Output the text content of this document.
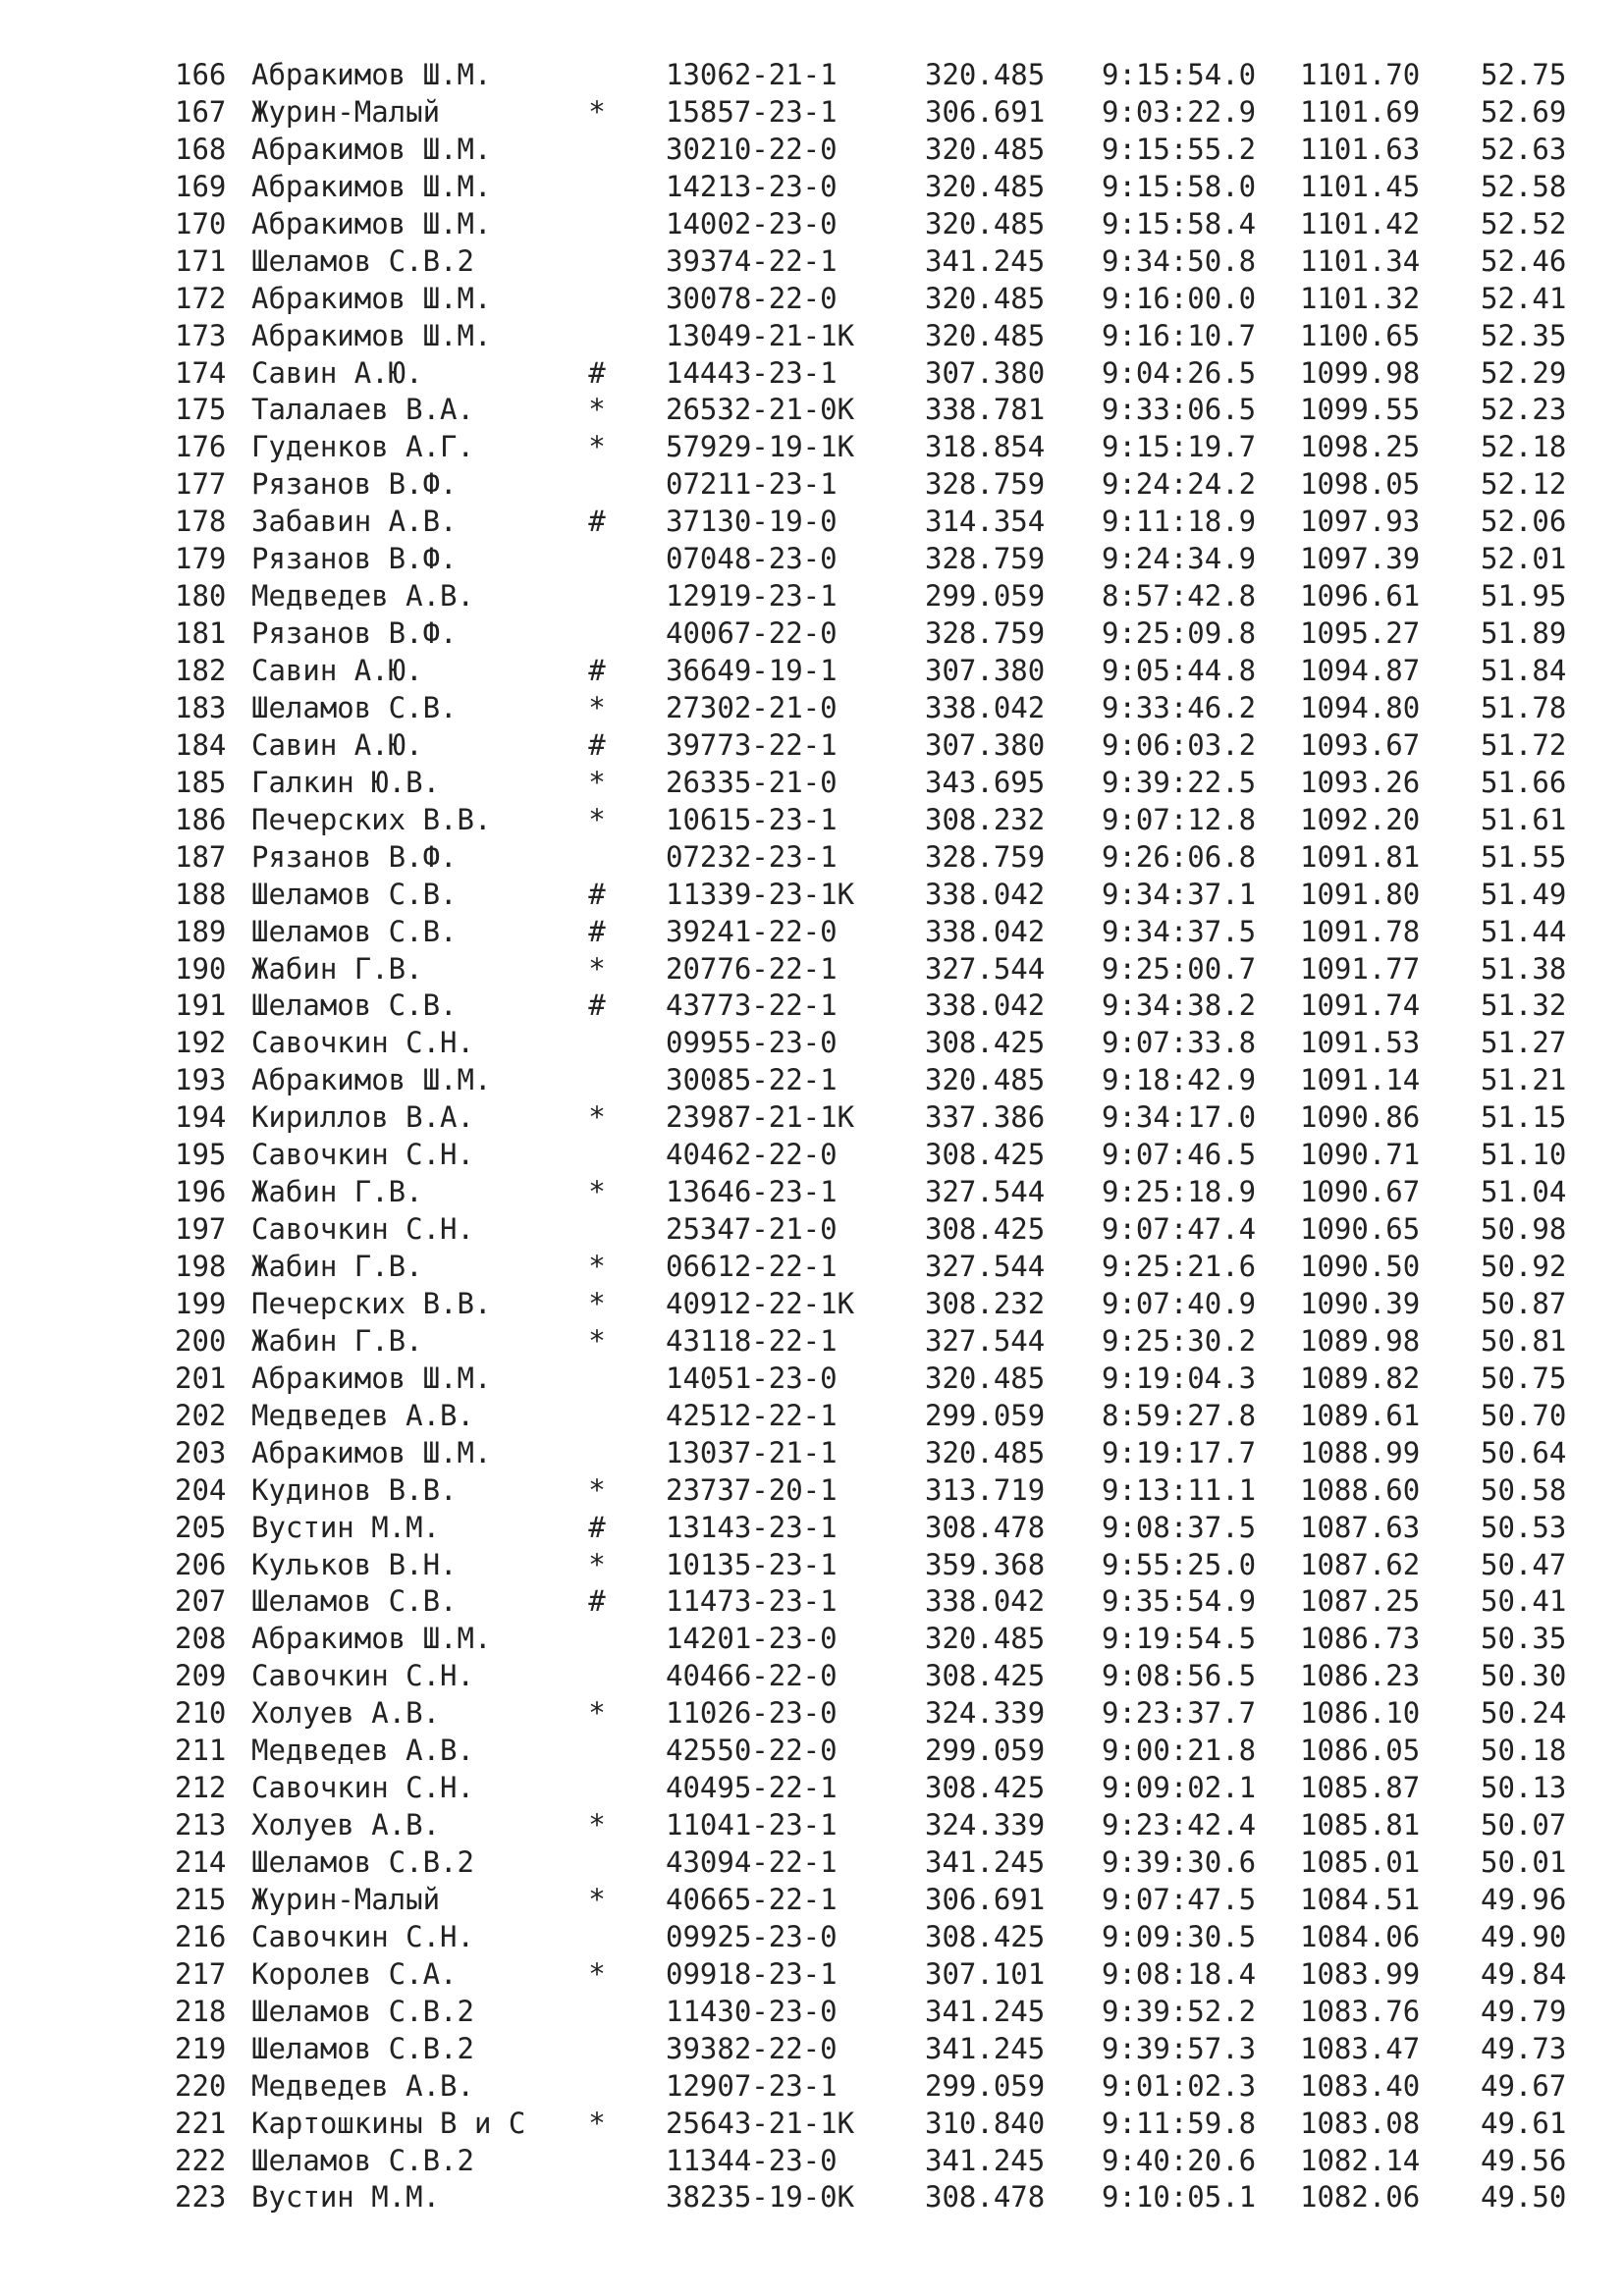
166 Абракимов Ш.М.	13062-21-1	320.485 9:15:54.0 1101.70 52.75
167 Журин-Малый	* 15857-23-1	306.691 9:03:22.9 1101.69 52.69
168 Абракимов Ш.М.	30210-22-0	320.485 9:15:55.2 1101.63 52.63
169 Абракимов Ш.М.	14213-23-0	320.485 9:15:58.0 1101.45 52.58
170 Абракимов Ш.М.	14002-23-0	320.485 9:15:58.4 1101.42 52.52
171 Шеламов С.В.2	39374-22-1	341.245 9:34:50.8 1101.34 52.46
172 Абракимов Ш.М.	30078-22-0	320.485 9:16:00.0 1101.32 52.41
173 Абракимов Ш.М.	13049-21-1K 320.485 9:16:10.7 1100.65 52.35
174 Савин А.Ю.	# 14443-23-1	307.380 9:04:26.5 1099.98 52.29
175 Талалаев В.А.	* 26532-21-0K 338.781 9:33:06.5 1099.55 52.23
176 Гуденков А.Г.	* 57929-19-1K 318.854 9:15:19.7 1098.25 52.18
177 Рязанов В.Ф.	07211-23-1	328.759 9:24:24.2 1098.05 52.12
178 Забавин А.В.	# 37130-19-0	314.354 9:11:18.9 1097.93 52.06
179 Рязанов В.Ф.	07048-23-0	328.759 9:24:34.9 1097.39 52.01
180 Медведев А.В.	12919-23-1	299.059 8:57:42.8 1096.61 51.95
181 Рязанов В.Ф.	40067-22-0	328.759 9:25:09.8 1095.27 51.89
182 Савин А.Ю.	# 36649-19-1	307.380 9:05:44.8 1094.87 51.84
183 Шеламов С.В.	* 27302-21-0	338.042 9:33:46.2 1094.80 51.78
184 Савин А.Ю.	# 39773-22-1	307.380 9:06:03.2 1093.67 51.72
185 Галкин Ю.В.	* 26335-21-0	343.695 9:39:22.5 1093.26 51.66
186 Печерских В.В.	* 10615-23-1	308.232 9:07:12.8 1092.20 51.61
187 Рязанов В.Ф.	07232-23-1	328.759 9:26:06.8 1091.81 51.55
188 Шеламов С.В.	# 11339-23-1K 338.042 9:34:37.1 1091.80 51.49
189 Шеламов С.В.	# 39241-22-0	338.042 9:34:37.5 1091.78 51.44
190 Жабин Г.В.	* 20776-22-1	327.544 9:25:00.7 1091.77 51.38
191 Шеламов С.В.	# 43773-22-1	338.042 9:34:38.2 1091.74 51.32
192 Савочкин С.Н.	09955-23-0	308.425 9:07:33.8 1091.53 51.27
193 Абракимов Ш.М.	30085-22-1	320.485 9:18:42.9 1091.14 51.21
194 Кириллов В.А.	* 23987-21-1K 337.386 9:34:17.0 1090.86 51.15
195 Савочкин С.Н.	40462-22-0	308.425 9:07:46.5 1090.71 51.10
196 Жабин Г.В.	* 13646-23-1	327.544 9:25:18.9 1090.67 51.04
197 Савочкин С.Н.	25347-21-0	308.425 9:07:47.4 1090.65 50.98
198 Жабин Г.В.	* 06612-22-1	327.544 9:25:21.6 1090.50 50.92
199 Печерских В.В.	* 40912-22-1K 308.232 9:07:40.9 1090.39 50.87
200 Жабин Г.В.	* 43118-22-1	327.544 9:25:30.2 1089.98 50.81
201 Абракимов Ш.М.	14051-23-0	320.485 9:19:04.3 1089.82 50.75
202 Медведев А.В.	42512-22-1	299.059 8:59:27.8 1089.61 50.70
203 Абракимов Ш.М.	13037-21-1	320.485 9:19:17.7 1088.99 50.64
204 Кудинов В.В.	* 23737-20-1	313.719 9:13:11.1 1088.60 50.58
205 Вустин М.М.	# 13143-23-1	308.478 9:08:37.5 1087.63 50.53
206 Кульков В.Н.	* 10135-23-1	359.368 9:55:25.0 1087.62 50.47
207 Шеламов С.В.	# 11473-23-1	338.042 9:35:54.9 1087.25 50.41
208 Абракимов Ш.М.	14201-23-0	320.485 9:19:54.5 1086.73 50.35
209 Савочкин С.Н.	40466-22-0	308.425 9:08:56.5 1086.23 50.30
210 Холуев А.В.	* 11026-23-0	324.339 9:23:37.7 1086.10 50.24
211 Медведев А.В.	42550-22-0	299.059 9:00:21.8 1086.05 50.18
212 Савочкин С.Н.	40495-22-1	308.425 9:09:02.1 1085.87 50.13
213 Холуев А.В.	* 11041-23-1	324.339 9:23:42.4 1085.81 50.07
214 Шеламов С.В.2	43094-22-1	341.245 9:39:30.6 1085.01 50.01
215 Журин-Малый	* 40665-22-1	306.691 9:07:47.5 1084.51 49.96
216 Савочкин С.Н.	09925-23-0	308.425 9:09:30.5 1084.06 49.90
217 Королев С.А.	* 09918-23-1	307.101 9:08:18.4 1083.99 49.84
218 Шеламов С.В.2	11430-23-0	341.245 9:39:52.2 1083.76 49.79
219 Шеламов С.В.2	39382-22-0	341.245 9:39:57.3 1083.47 49.73
220 Медведев А.В.	12907-23-1	299.059 9:01:02.3 1083.40 49.67
221 Картошкины В и С * 25643-21-1K 310.840 9:11:59.8 1083.08 49.61
222 Шеламов С.В.2	11344-23-0	341.245 9:40:20.6 1082.14 49.56
223 Вустин М.М.	38235-19-0K 308.478 9:10:05.1 1082.06 49.50
